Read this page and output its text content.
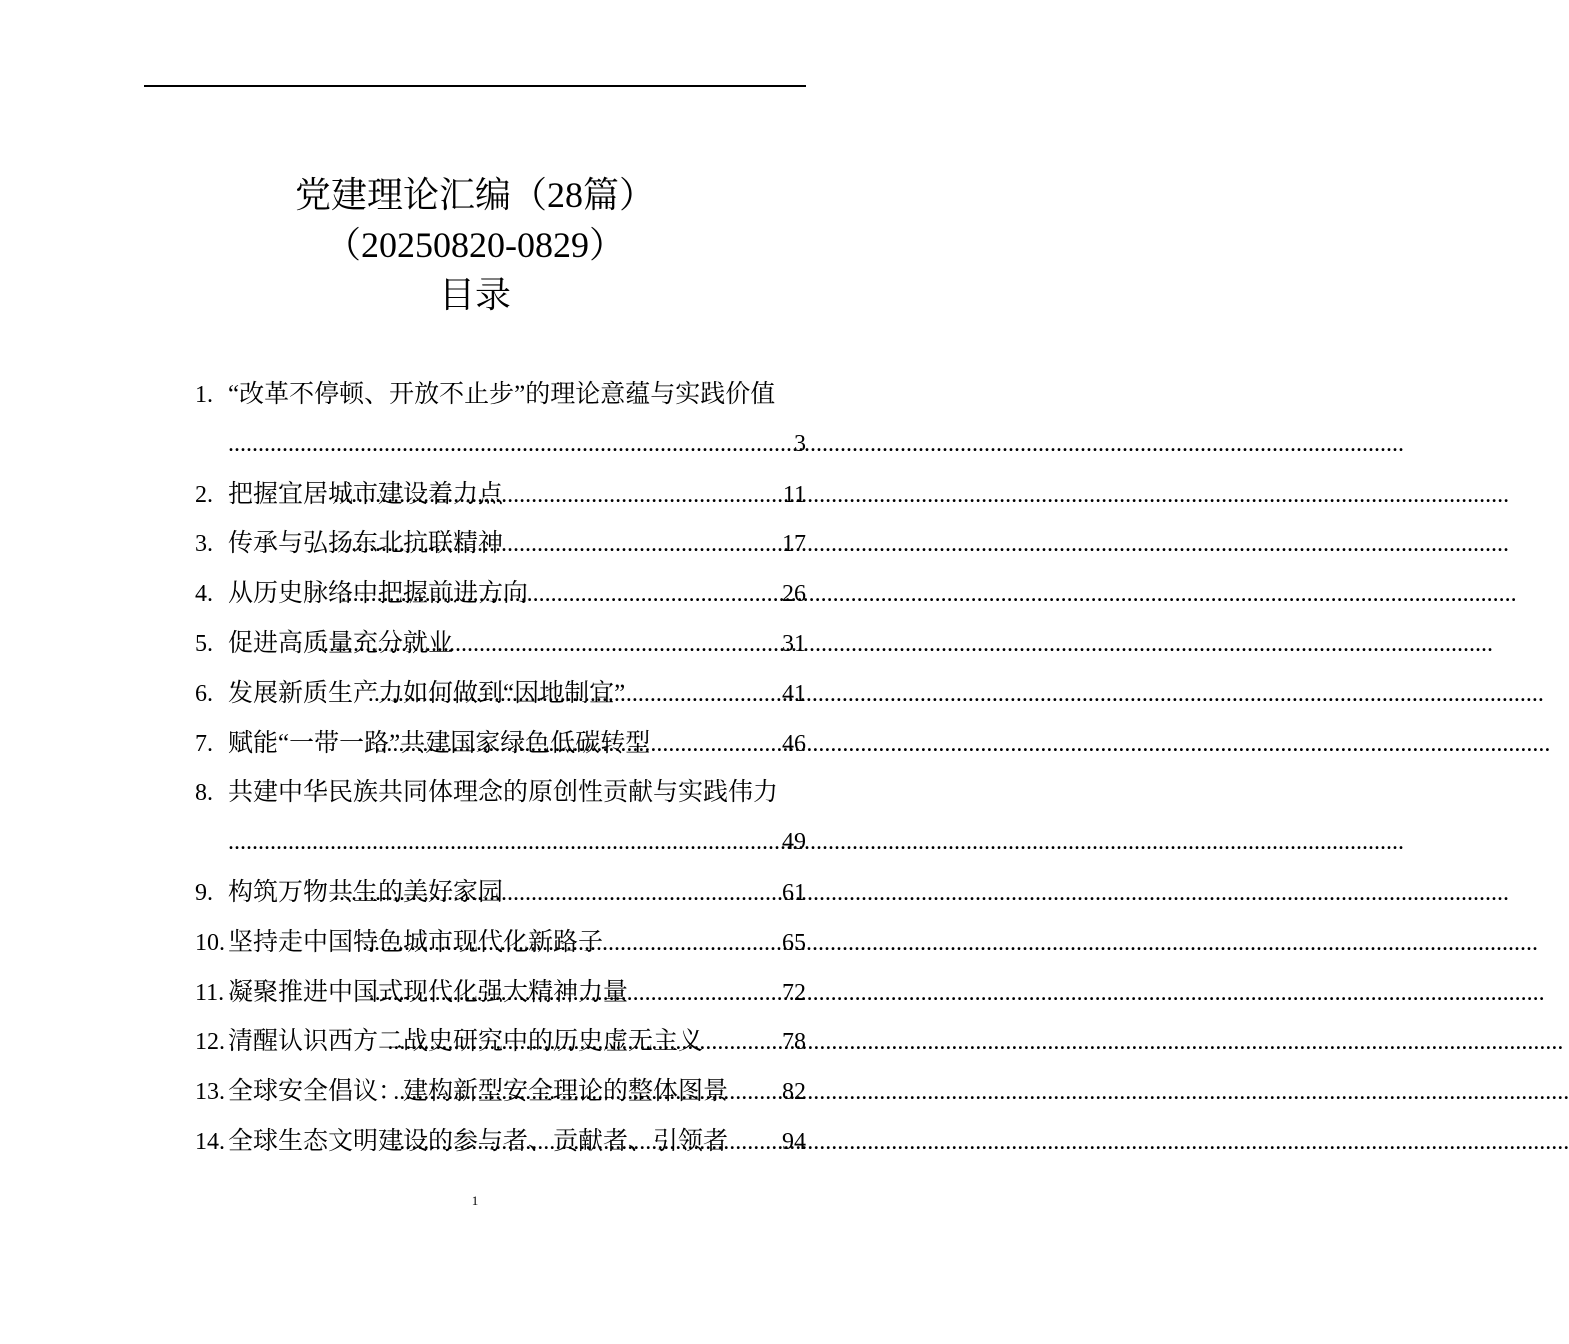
党建理论汇编（28篇）
（20250820-0829）
目录
1. “改革不停顿、开放不止步”的理论意蕴与实践价值
.....
3
2. 把握宜居城市建设着力点 .....	11
3. 传承与弘扬东北抗联精神 .....	17
4. 从历史脉络中把握前进方向 .....	26
5. 促进高质量充分就业 .....	31
6. 发展新质生产力如何做到“因地制宜” .....	41
7. 赋能“一带一路”共建国家绿色低碳转型 .....	46
8. 共建中华民族共同体理念的原创性贡献与实践伟力
.....
49
9. 构筑万物共生的美好家园 .....	61
10. 坚持走中国特色城市现代化新路子 .....	65
11. 凝聚推进中国式现代化强大精神力量 .....	72
12. 清醒认识西方二战史研究中的历史虚无主义 .....	78
13. 全球安全倡议：建构新型安全理论的整体图景 ..... 82
14. 全球生态文明建设的参与者、贡献者、引领者 ..... 94
1
